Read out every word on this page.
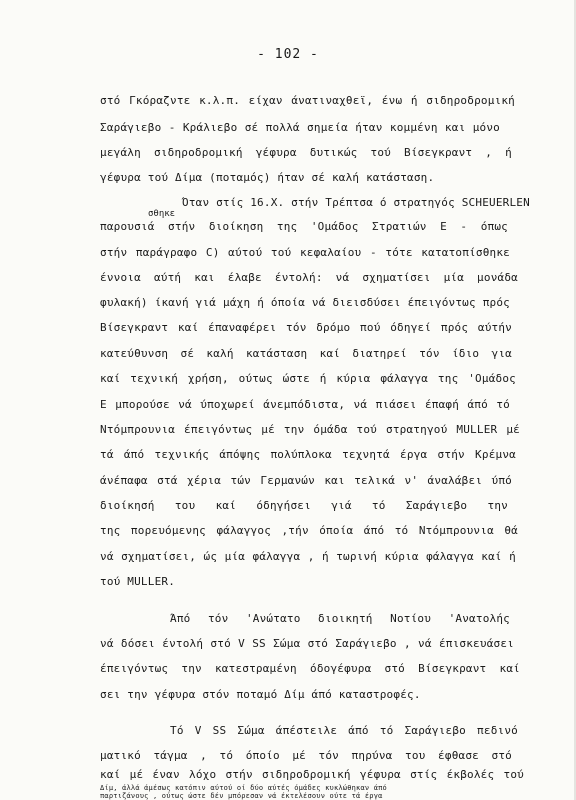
- 102 -
στό Γκόραζντε κ.λ.π. είχαν άνατιναχθεϊ, ένω ή σιδηροδρομική
Σαράγιεβο - Κράλιεβο σέ πολλά σημεία ήταν κομμένη και μόνο
μεγάλη σιδηροδρομική γέφυρα δυτικώς τού Βίσεγκραντ , ή
γέφυρα τού Δίμα (ποταμός) ήταν σέ καλή κατάσταση.
Όταν στίς 16.Χ. στήν Τρέπτσα ό στρατηγός SCHEUERLEN
σθηκε
παρουσιά στήν διοίκηση της 'Ομάδος Στρατιών Ε - όπως
στήν παράγραφο C) αύτού τού κεφαλαίου - τότε κατατοπίσθηκε
έννοια αύτή και έλαβε έντολή: νά σχηματίσει μία μονάδα
φυλακή) ίκανή γιά μάχη ή όποία νά διεισδύσει έπειγόντως πρός
Βίσεγκραντ καί έπαναφέρει τόν δρόμο πού όδηγεί πρός αύτήν
κατεύθυνση σέ καλή κατάσταση καί διατηρεί τόν ίδιο για
καί τεχνική χρήση, ούτως ώστε ή κύρια φάλαγγα της 'Ομάδος
Ε μπορούσε νά ύποχωρεί άνεμπόδιστα, νά πιάσει έπαφή άπό τό
Ντόμπρουνια έπειγόντως μέ την όμάδα τού στρατηγού MULLER μέ
τά άπό τεχνικής άπόψης πολύπλοκα τεχνητά έργα στήν Κρέμνα
άνέπαφα στά χέρια τών Γερμανών και τελικά ν' άναλάβει ύπό
διοίκησή του καί όδηγήσει γιά τό Σαράγιεβο την
της πορευόμενης φάλαγγος ,τήν όποία άπό τό Ντόμπρουνια θά
νά σχηματίσει, ώς μία φάλαγγα , ή τωρινή κύρια φάλαγγα καί ή
τού MULLER.
Άπό τόν 'Ανώτατο διοικητή Νοτίου 'Ανατολής
νά δόσει έντολή στό V SS Σώμα στό Σαράγιεβο , νά έπισκευάσει
έπειγόντως την κατεστραμένη όδογέφυρα στό Βίσεγκραντ καί
σει την γέφυρα στόν ποταμό Δίμ άπό καταστροφές.
Τό V SS Σώμα άπέστειλε άπό τό Σαράγιεβο πεδινό
ματικό τάγμα , τό όποίο μέ τόν πηρύνα του έφθασε στό
καί μέ έναν λόχο στήν σιδηροδρομική γέφυρα στίς έκβολές τού
Δίμ, άλλά άμέσως κατόπιν αύτού οί δύο αύτές όμάδες κυκλώθηκαν άπό
παρτιζάνους , ούτως ώστε δέν μπόρεσαν νά έκτελέσουν ούτε τά έργα
